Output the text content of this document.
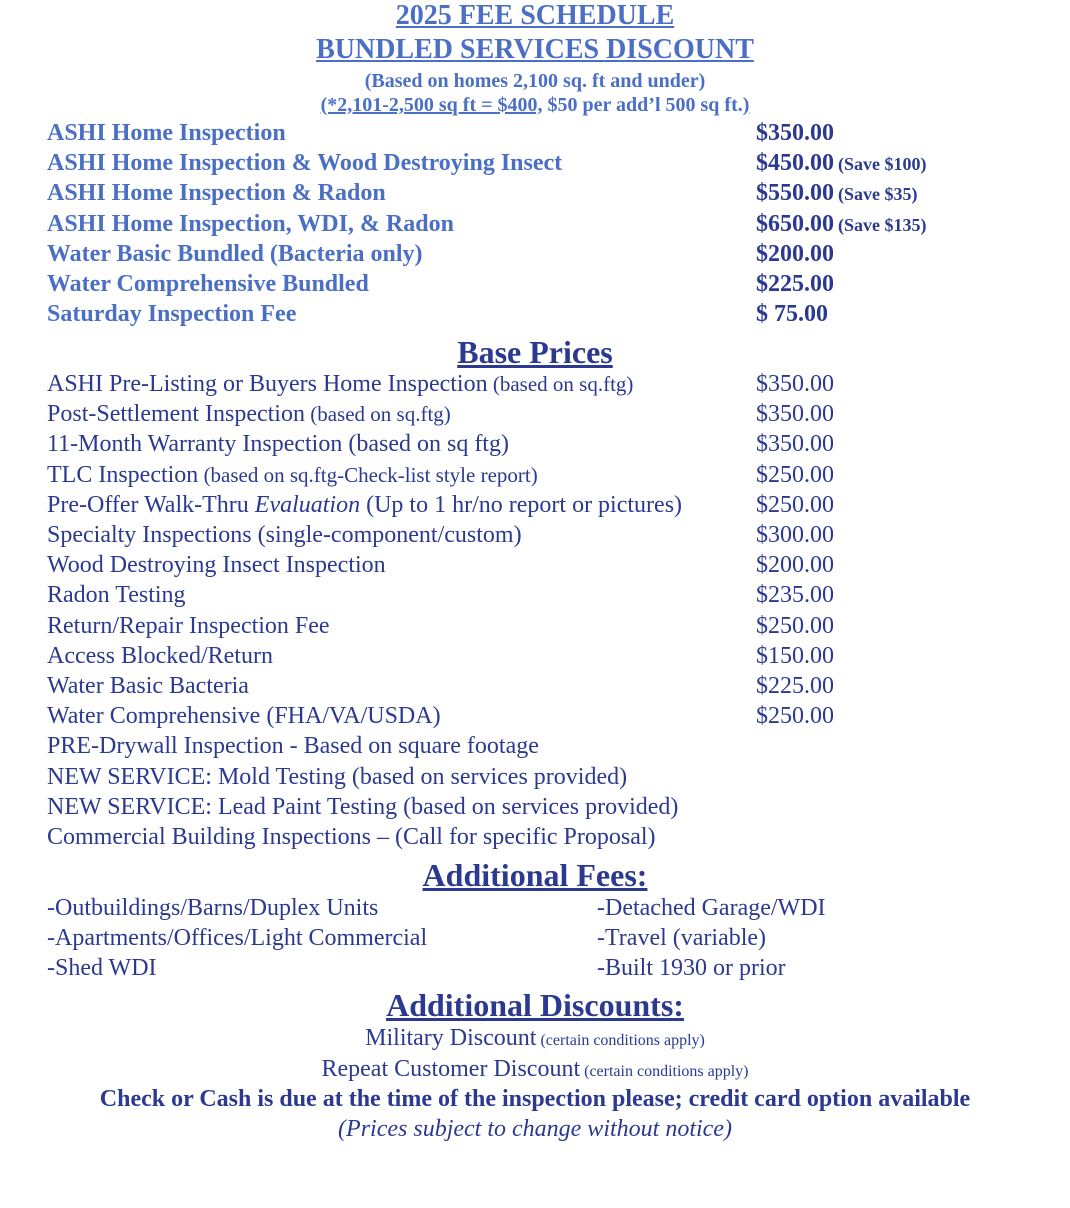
2025 FEE SCHEDULE
BUNDLED SERVICES DISCOUNT
(Based on homes 2,100 sq. ft and under)
(*2,101-2,500 sq ft = $400, $50 per add’l 500 sq ft.)
ASHI Home Inspection	$350.00
ASHI Home Inspection & Wood Destroying Insect	$450.00 (Save $100)
ASHI Home Inspection & Radon	$550.00 (Save $35)
ASHI Home Inspection, WDI, & Radon	$650.00 (Save $135)
Water Basic Bundled (Bacteria only)	$200.00
Water Comprehensive Bundled	$225.00
Saturday Inspection Fee	$ 75.00
Base Prices
ASHI Pre-Listing or Buyers Home Inspection (based on sq.ftg)	$350.00
Post-Settlement Inspection (based on sq.ftg)	$350.00
11-Month Warranty Inspection (based on sq ftg)	$350.00
TLC Inspection (based on sq.ftg-Check-list style report)	$250.00
Pre-Offer Walk-Thru Evaluation (Up to 1 hr/no report or pictures)	$250.00
Specialty Inspections (single-component/custom)	$300.00
Wood Destroying Insect Inspection	$200.00
Radon Testing	$235.00
Return/Repair Inspection Fee	$250.00
Access Blocked/Return	$150.00
Water Basic Bacteria	$225.00
Water Comprehensive (FHA/VA/USDA)	$250.00
PRE-Drywall Inspection - Based on square footage
NEW SERVICE: Mold Testing (based on services provided)
NEW SERVICE: Lead Paint Testing (based on services provided)
Commercial Building Inspections – (Call for specific Proposal)
Additional Fees:
-Outbuildings/Barns/Duplex Units
-Apartments/Offices/Light Commercial
-Shed WDI
-Detached Garage/WDI
-Travel (variable)
-Built 1930 or prior
Additional Discounts:
Military Discount (certain conditions apply)
Repeat Customer Discount (certain conditions apply)
Check or Cash is due at the time of the inspection please; credit card option available
(Prices subject to change without notice)
